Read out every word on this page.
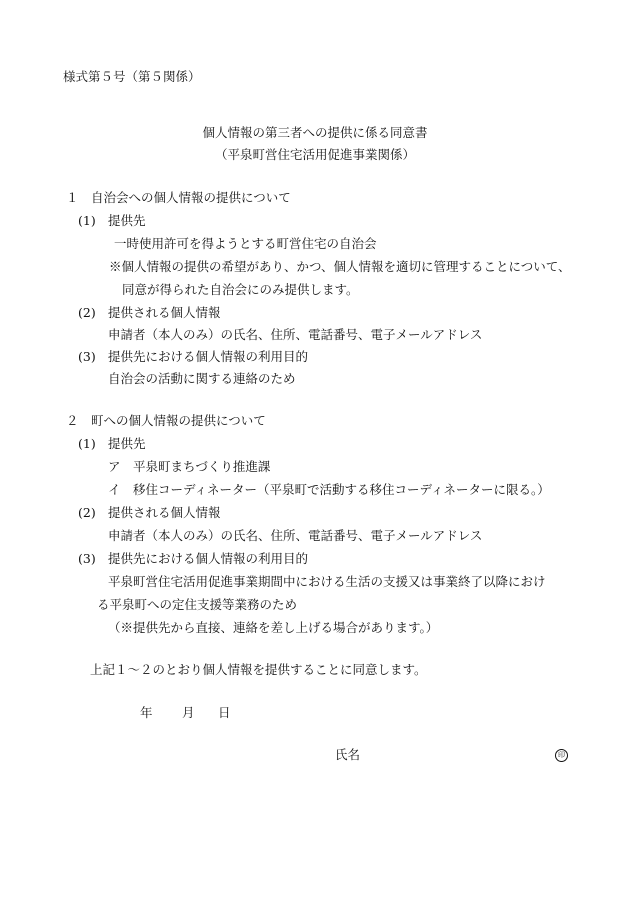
様式第５号（第５関係）
個人情報の第三者への提供に係る同意書
（平泉町営住宅活用促進事業関係）
１　自治会への個人情報の提供について
(1) 提供先
一時使用許可を得ようとする町営住宅の自治会
※個人情報の提供の希望があり、かつ、個人情報を適切に管理することについて、
同意が得られた自治会にのみ提供します。
(2) 提供される個人情報
申請者（本人のみ）の氏名、住所、電話番号、電子メールアドレス
(3) 提供先における個人情報の利用目的
自治会の活動に関する連絡のため
２　町への個人情報の提供について
(1) 提供先
ア　平泉町まちづくり推進課
イ　移住コーディネーター（平泉町で活動する移住コーディネーターに限る。）
(2) 提供される個人情報
申請者（本人のみ）の氏名、住所、電話番号、電子メールアドレス
(3) 提供先における個人情報の利用目的
平泉町営住宅活用促進事業期間中における生活の支援又は事業終了以降におけ
る平泉町への定住支援等業務のため
（※提供先から直接、連絡を差し上げる場合があります。）
上記１～２のとおり個人情報を提供することに同意します。
年 月 日
氏名	印
